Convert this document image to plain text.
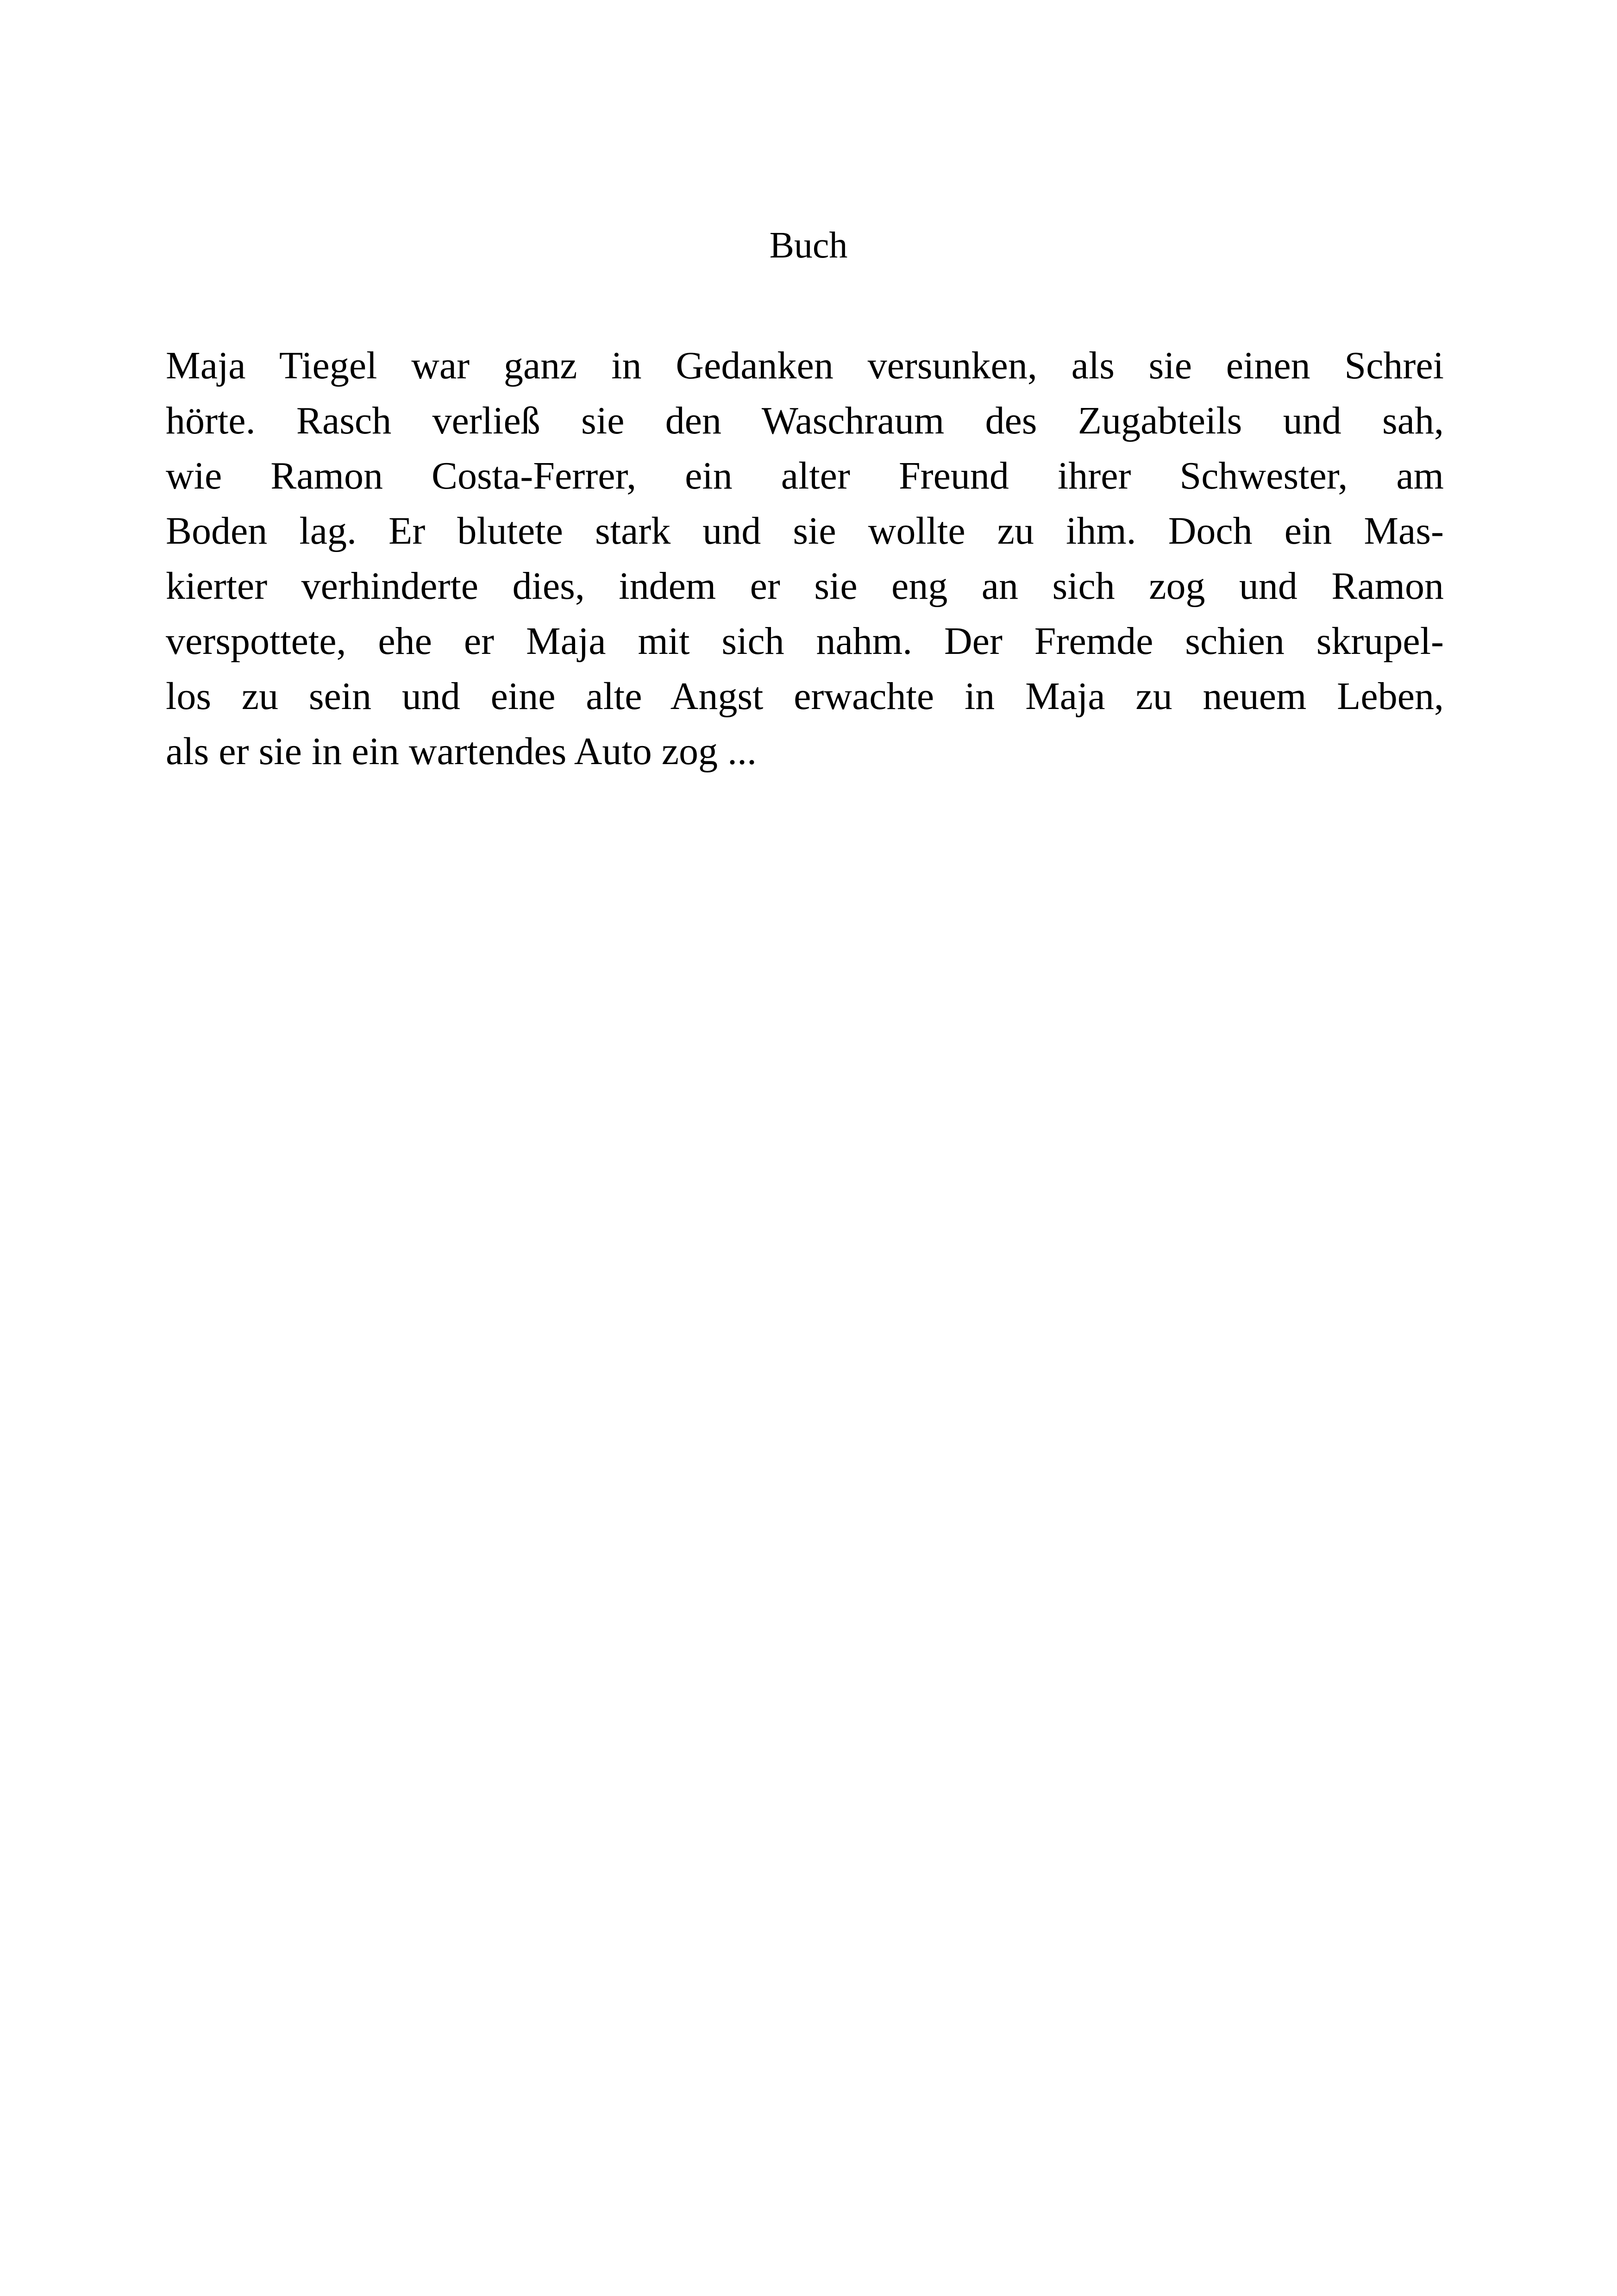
Buch
Maja Tiegel war ganz in Gedanken versunken, als sie einen Schrei
hörte. Rasch verließ sie den Waschraum des Zugabteils und sah,
wie Ramon Costa-Ferrer, ein alter Freund ihrer Schwester, am
Boden lag. Er blutete stark und sie wollte zu ihm. Doch ein Mas-
kierter verhinderte dies, indem er sie eng an sich zog und Ramon
verspottete, ehe er Maja mit sich nahm. Der Fremde schien skrupel-
los zu sein und eine alte Angst erwachte in Maja zu neuem Leben,
als er sie in ein wartendes Auto zog ...
